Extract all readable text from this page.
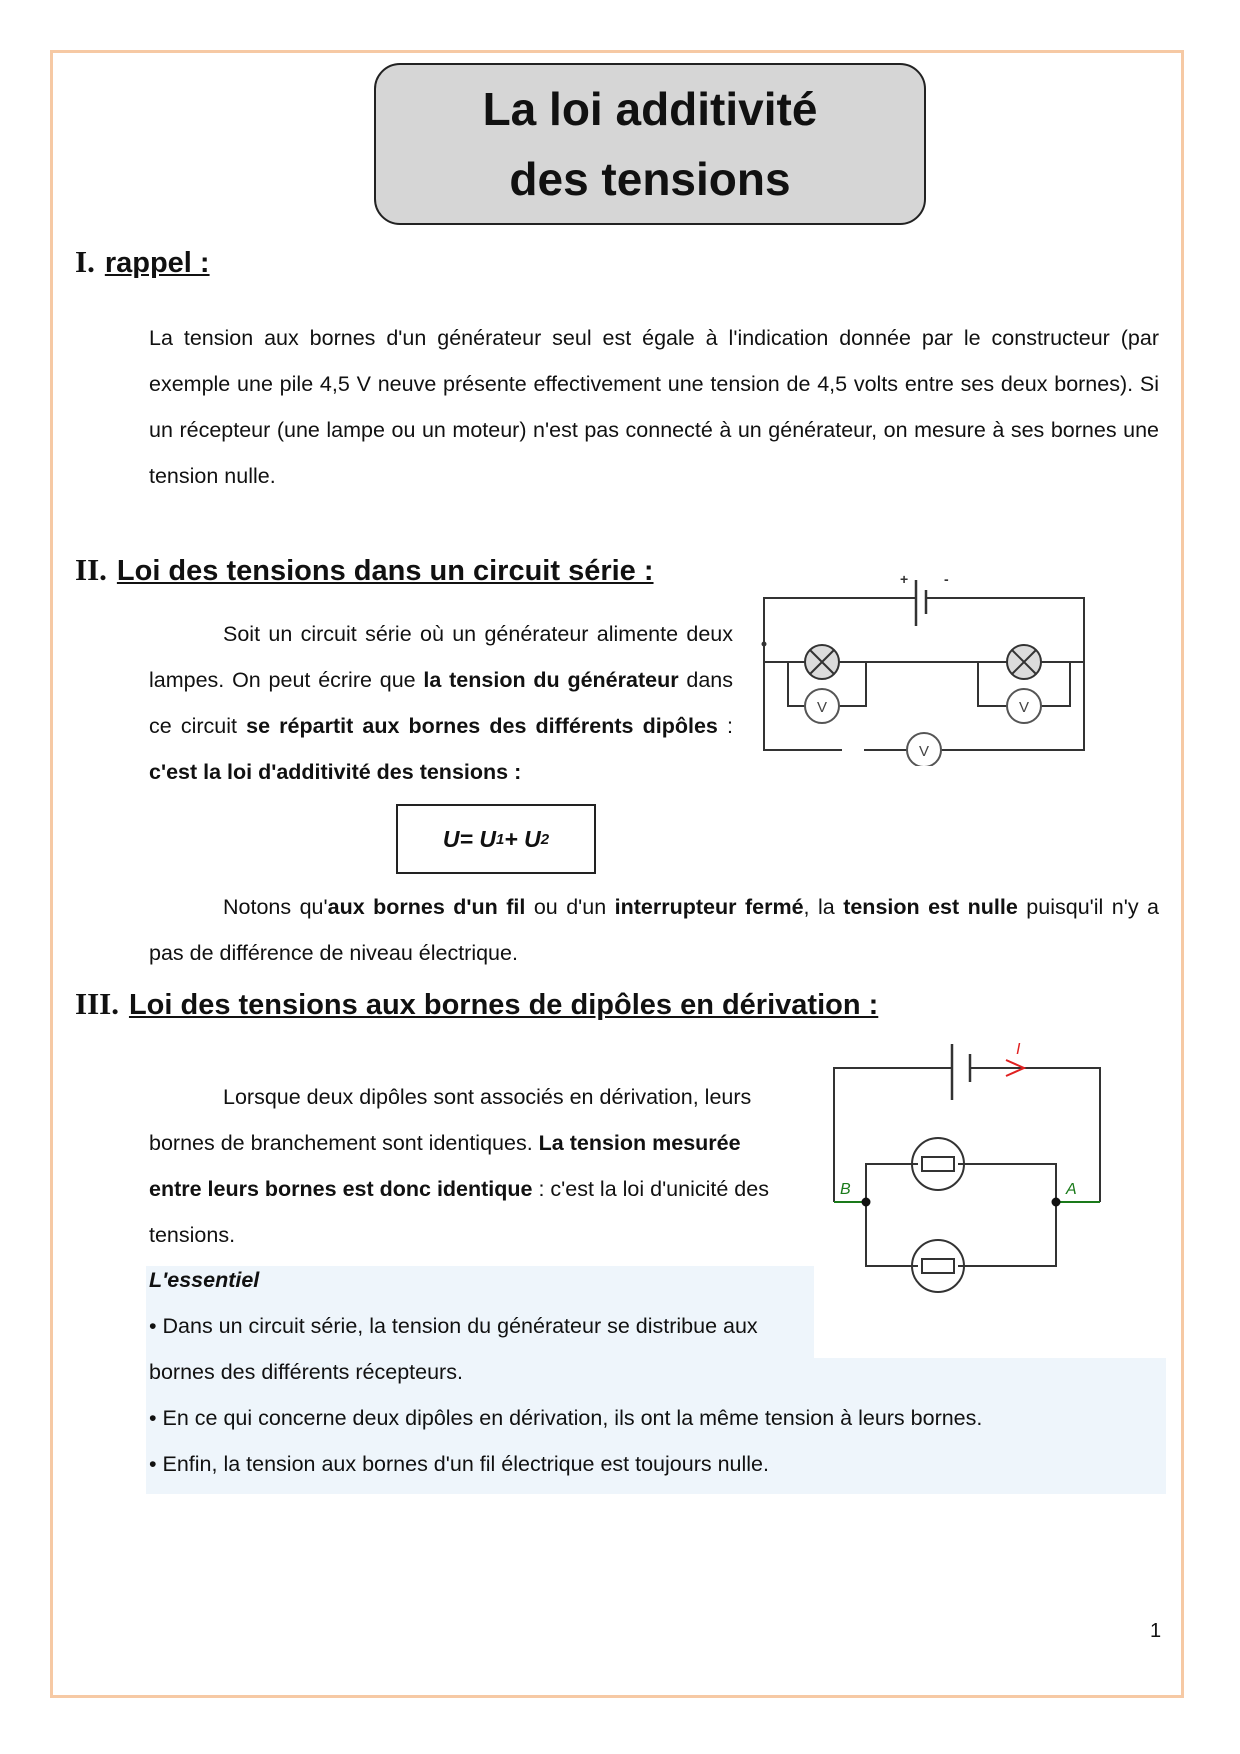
La loi additivité des tensions
I. rappel :

La tension aux bornes d'un générateur seul est égale à l'indication donnée par le constructeur (par exemple une pile 4,5 V neuve présente effectivement une tension de 4,5 volts entre ses deux bornes). Si un récepteur (une lampe ou un moteur) n'est pas connecté à un générateur, on mesure à ses bornes une tension nulle.

II. Loi des tensions dans un circuit série :

Soit un circuit série où un générateur alimente deux lampes. On peut écrire que la tension du générateur dans ce circuit se répartit aux bornes des différents dipôles : c'est la loi d'additivité des tensions :

V	V
V
+	-
U= U 1 + U 2

Notons qu'aux bornes d'un fil ou d'un interrupteur fermé, la tension est nulle puisqu'il n'y a pas de différence de niveau électrique.

III. Loi des tensions aux bornes de dipôles en dérivation :

Lorsque deux dipôles sont associés en dérivation, leurs bornes de branchement sont identiques. La tension mesurée entre leurs bornes est donc identique : c'est la loi d'unicité des tensions.

I
B	A

L'essentiel

• Dans un circuit série, la tension du générateur se distribue aux

bornes des différents récepteurs.

• En ce qui concerne deux dipôles en dérivation, ils ont la même tension à leurs bornes.

• Enfin, la tension aux bornes d'un fil électrique est toujours nulle.

1
